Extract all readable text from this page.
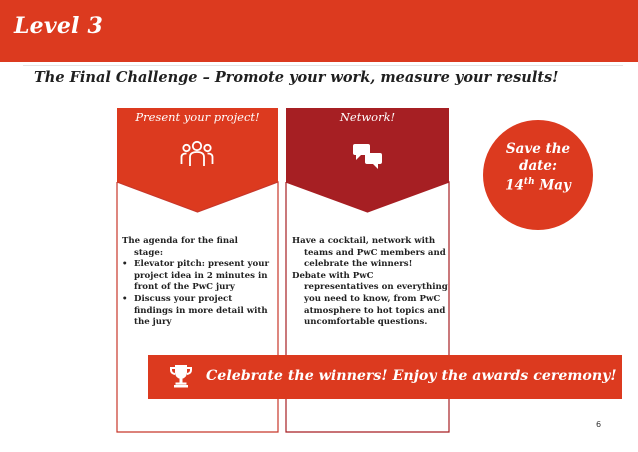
Level 3
The Final Challenge – Promote your work, measure your results!
Present your project!	Network!
The agenda for the final
stage:
• Elevator pitch: present your project idea in 2 minutes in front of the PwC jury
• Discuss your project findings in more detail with the jury
Have a cocktail, network with
teams and PwC members and celebrate the winners!
Debate with PwC
representatives on everything you need to know, from PwC atmosphere to hot topics and uncomfortable questions.
Save the
date:
14th May
Celebrate the winners! Enjoy the awards ceremony!
6
